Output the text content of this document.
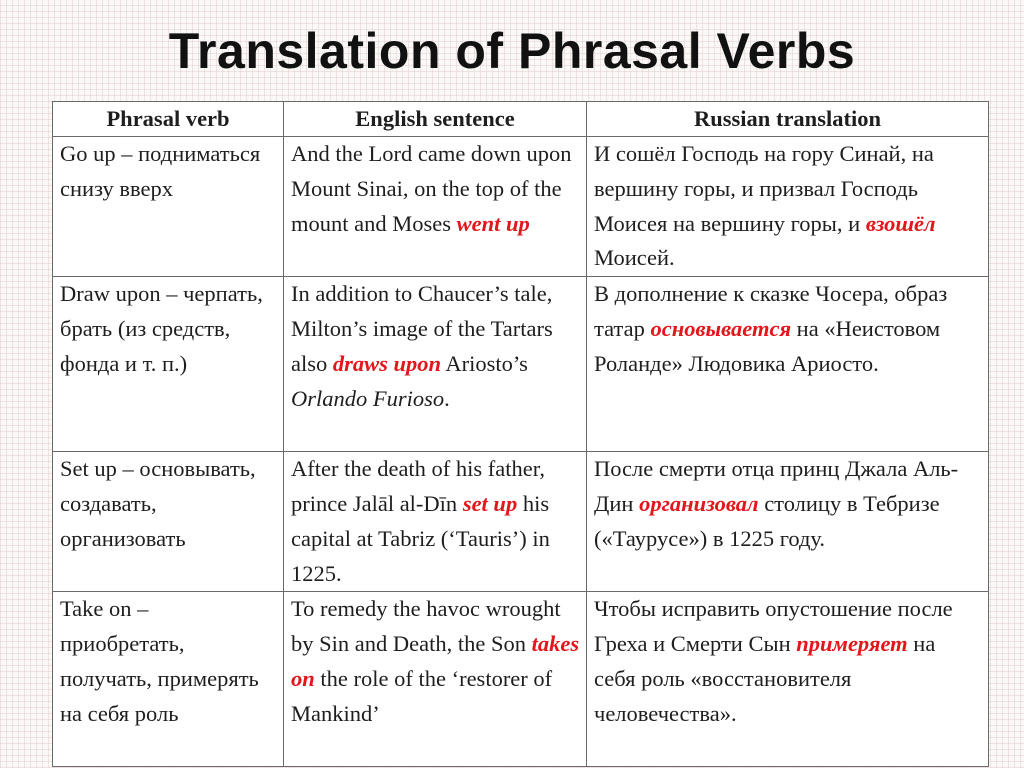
Translation of Phrasal Verbs
Phrasal verb	English sentence	Russian translation
Go up – подниматься снизу вверх	And the Lord came down upon Mount Sinai, on the top of the mount and Moses went up	И сошёл Господь на гору Синай, на вершину горы, и призвал Господь Моисея на вершину горы, и взошёл Моисей.
Draw upon – черпать, брать (из средств, фонда и т. п.)	In addition to Chaucer’s tale, Milton’s image of the Tartars also draws upon Ariosto’s Orlando Furioso.	В дополнение к сказке Чосера, образ татар основывается на «Неистовом Роланде» Людовика Ариосто.
Set up – основывать, создавать, организовать	After the death of his father, prince Jalāl al-Dīn set up his capital at Tabriz (‘Tauris’) in 1225.	После смерти отца принц Джала Аль-Дин организовал столицу в Тебризе («Таурусе») в 1225 году.
Take on – приобретать, получать, примерять на себя роль	To remedy the havoc wrought by Sin and Death, the Son takes on the role of the ‘restorer of Mankind’	Чтобы исправить опустошение после Греха и Смерти Сын примеряет на себя роль «восстановителя человечества».
